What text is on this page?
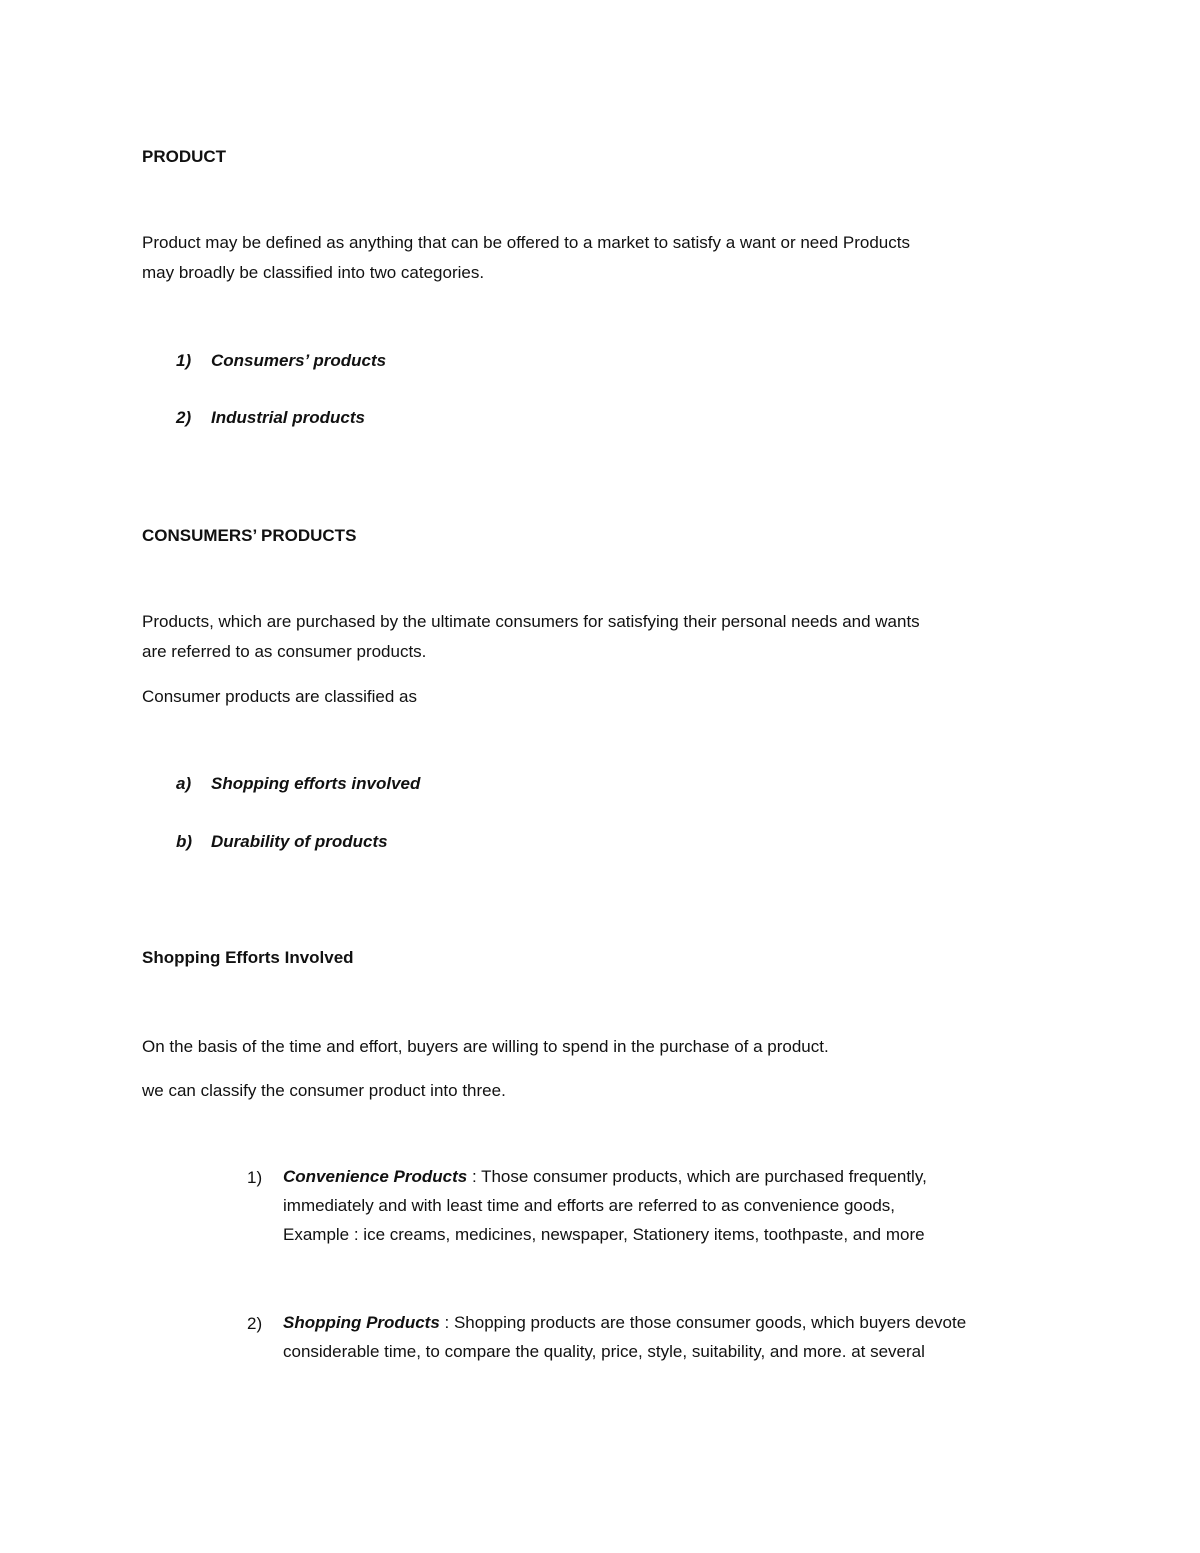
PRODUCT
Product may be defined as anything that can be offered to a market to satisfy a want or need Products
may broadly be classified into two categories.
1) Consumers’ products
2) Industrial products
CONSUMERS’ PRODUCTS
Products, which are purchased by the ultimate consumers for satisfying their personal needs and wants
are referred to as consumer products.
Consumer products are classified as
a) Shopping efforts involved
b) Durability of products
Shopping Efforts Involved
On the basis of the time and effort, buyers are willing to spend in the purchase of a product.
we can classify the consumer product into three.
1) Convenience Products : Those consumer products, which are purchased frequently,
immediately and with least time and efforts are referred to as convenience goods,
Example : ice creams, medicines, newspaper, Stationery items, toothpaste, and more
2) Shopping Products : Shopping products are those consumer goods, which buyers devote
considerable time, to compare the quality, price, style, suitability, and more. at several
